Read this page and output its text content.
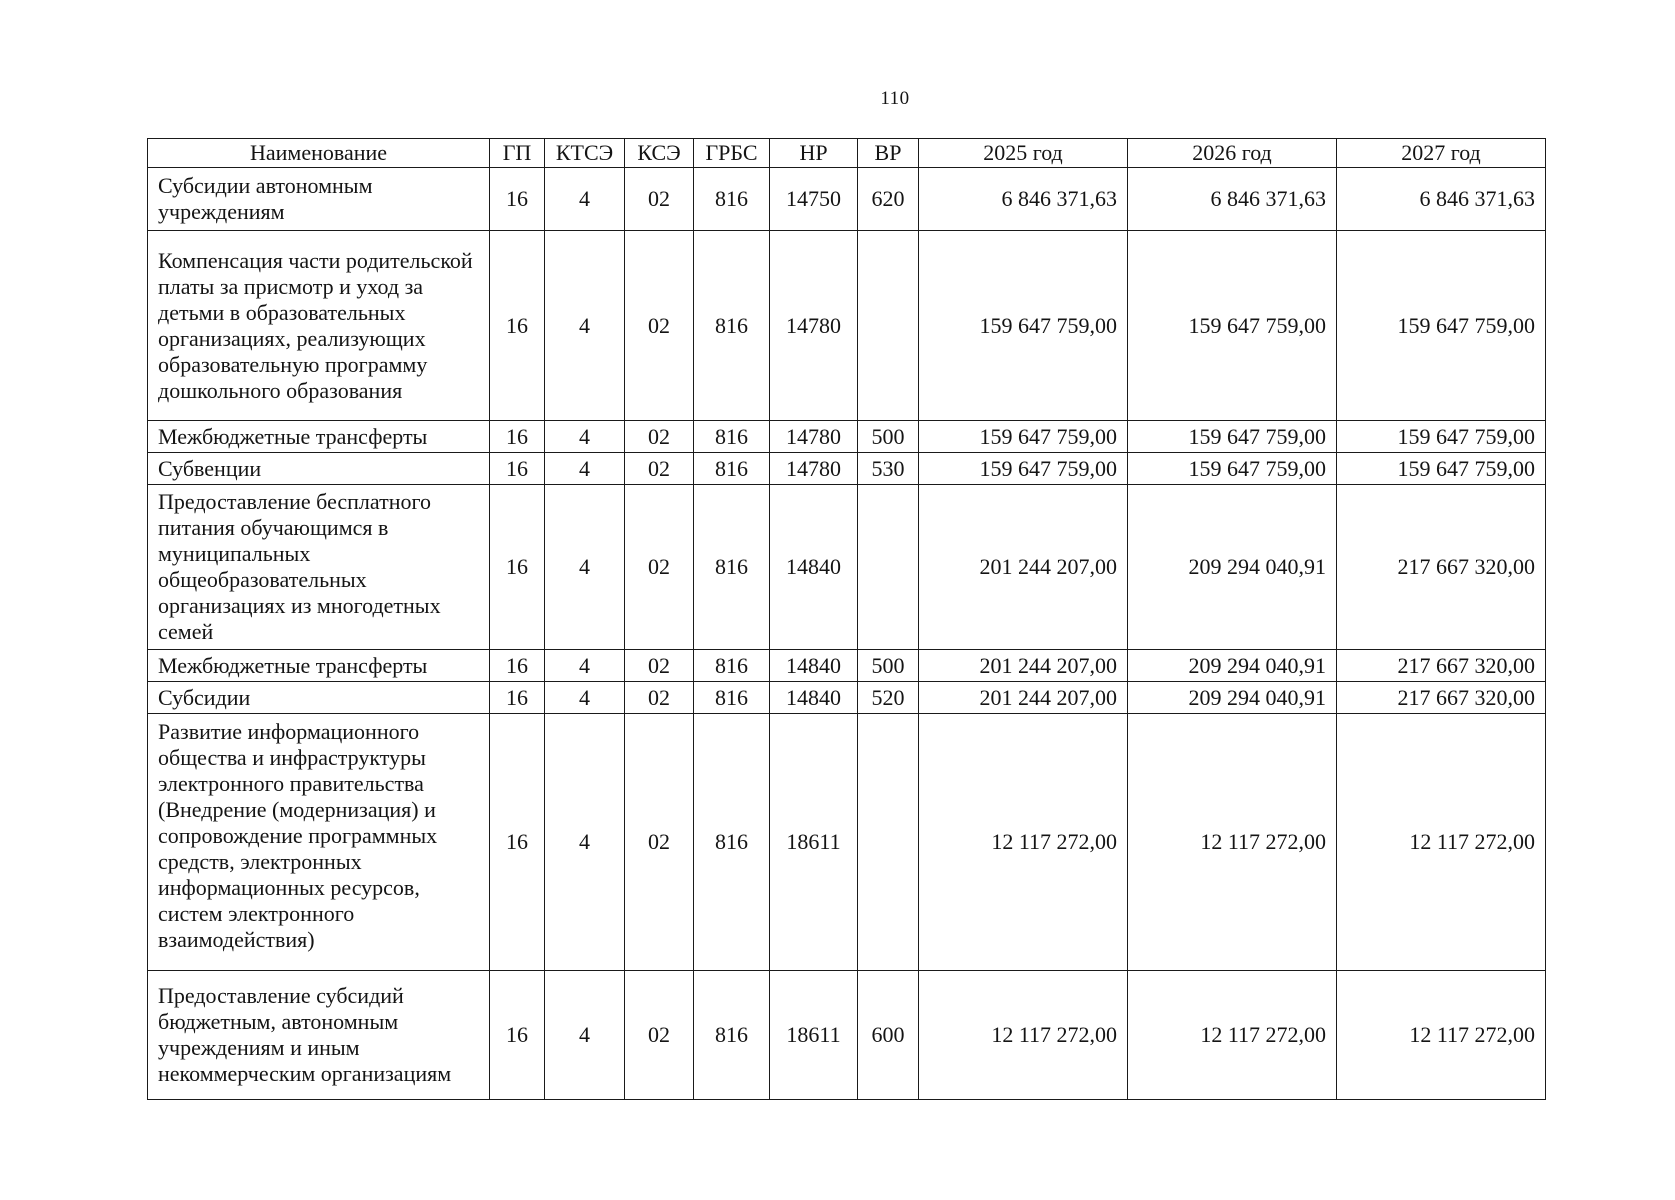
110
Наименование	ГП	КТСЭ	КСЭ	ГРБС	НР	ВР	2025 год	2026 год	2027 год
Субсидии автономным учреждениям	16	4	02	816	14750	620	6 846 371,63	6 846 371,63	6 846 371,63
Компенсация части родительской платы за присмотр и уход за детьми в образовательных организациях, реализующих образовательную программу дошкольного образования	16	4	02	816	14780		159 647 759,00	159 647 759,00	159 647 759,00
Межбюджетные трансферты	16	4	02	816	14780	500	159 647 759,00	159 647 759,00	159 647 759,00
Субвенции	16	4	02	816	14780	530	159 647 759,00	159 647 759,00	159 647 759,00
Предоставление бесплатного питания обучающимся в муниципальных общеобразовательных организациях из многодетных семей	16	4	02	816	14840		201 244 207,00	209 294 040,91	217 667 320,00
Межбюджетные трансферты	16	4	02	816	14840	500	201 244 207,00	209 294 040,91	217 667 320,00
Субсидии	16	4	02	816	14840	520	201 244 207,00	209 294 040,91	217 667 320,00
Развитие информационного общества и инфраструктуры электронного правительства (Внедрение (модернизация) и сопровождение программных средств, электронных информационных ресурсов, систем электронного взаимодействия)	16	4	02	816	18611		12 117 272,00	12 117 272,00	12 117 272,00
Предоставление субсидий бюджетным, автономным учреждениям и иным некоммерческим организациям	16	4	02	816	18611	600	12 117 272,00	12 117 272,00	12 117 272,00
